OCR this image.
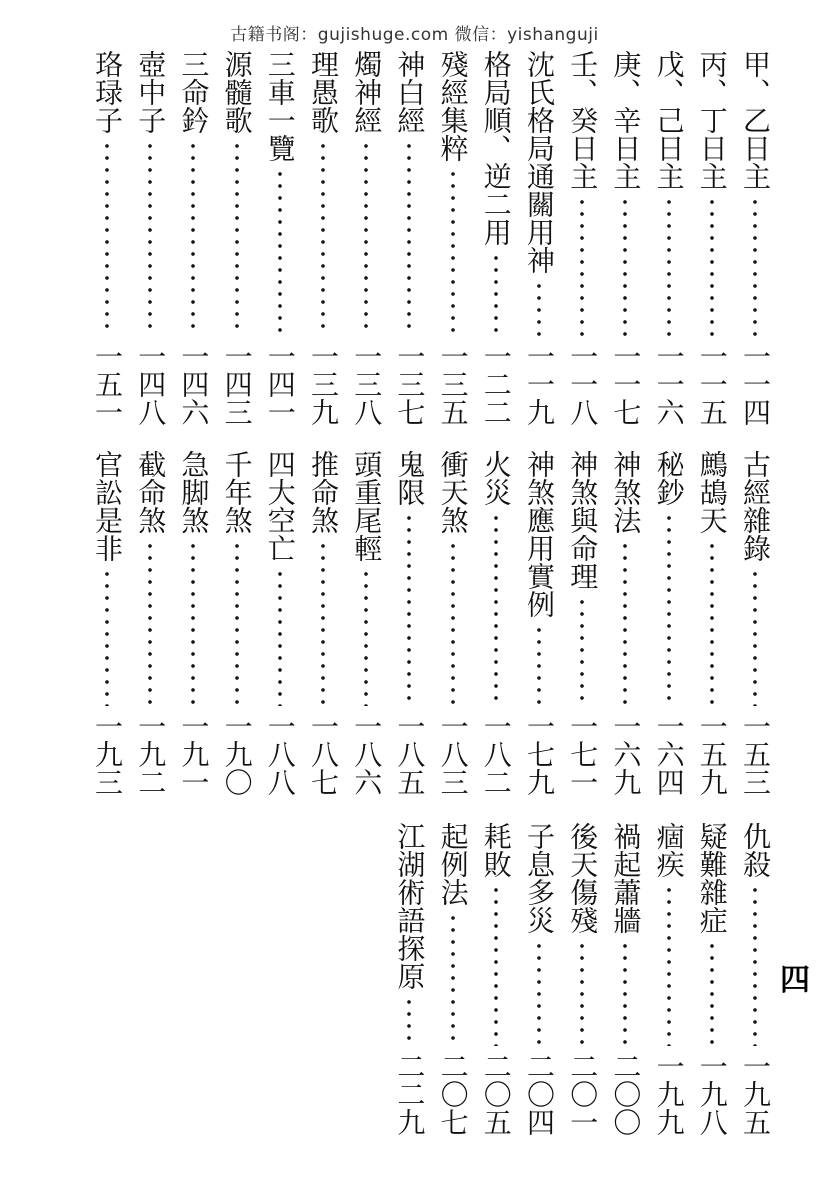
古籍书阁：gujishuge.com 微信：yishanguji
四
甲、乙日主
一一四
丙、丁日主
一一五
戊、己日主
一一六
庚、辛日主
一一七
壬、癸日主
一一八
沈氏格局通關用神
一一九
格局順、逆二用
一二二
殘經集粹
一三五
神白經
一三七
燭神經
一三八
理愚歌
一三九
三車一覽
一四一
源髓歌
一四三
三命鈐
一四六
壺中子
一四八
珞琭子
一五一
古經雜錄
一五三
鷓鴣天
一五九
秘鈔
一六四
神煞法
一六九
神煞與命理
一七一
神煞應用實例
一七九
火災
一八二
衝天煞
一八三
鬼限
一八五
頭重尾輕
一八六
推命煞
一八七
四大空亡
一八八
千年煞
一九〇
急脚煞
一九一
截命煞
一九二
官訟是非
一九三
仇殺
一九五
疑難雜症
一九八
痼疾
一九九
禍起蕭牆
二〇〇
後天傷殘
二〇一
子息多災
二〇四
耗敗
二〇五
起例法
二〇七
江湖術語探原
二二九
